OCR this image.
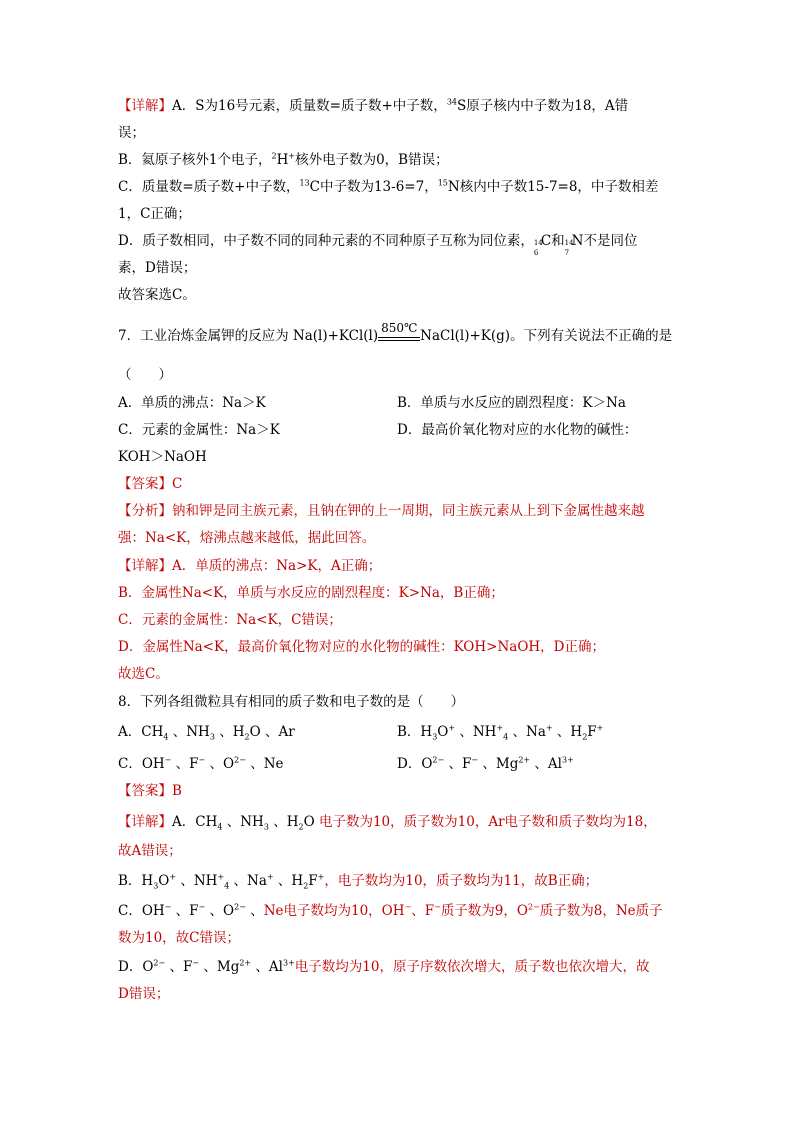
【详解】A．S为16号元素，质量数=质子数+中子数，$^{34}$S原子核内中子数为18，A错
误；
B．氦原子核外1个电子，$^2$H+核外电子数为0，B错误；
C．质量数=质子数+中子数，$^{13}$C中子数为13-6=7，$^{15}$N核内中子数15-7=8，中子数相差
1，C正确；
D．质子数相同，中子数不同的同种元素的不同种原子互称为同位素， 14
6
C和 14
7
N不是同位
素，D错误；
故答案选C。
7．工业冶炼金属钾的反应为 Na(l)+KCl(l)
850℃
NaCl(l)+K(g)。下列有关说法不正确的是
（　　）
A．单质的沸点：Na＞K	B．单质与水反应的剧烈程度：K＞Na
C．元素的金属性：Na＞K	D．最高价氧化物对应的水化物的碱性：
KOH＞NaOH
【答案】C
【分析】钠和钾是同主族元素，且钠在钾的上一周期，同主族元素从上到下金属性越来越
强：Na<K，熔沸点越来越低，据此回答。
【详解】A．单质的沸点：Na>K，A正确；
B．金属性Na<K，单质与水反应的剧烈程度：K>Na，B正确；
C．元素的金属性：Na<K，C错误；
D．金属性Na<K，最高价氧化物对应的水化物的碱性：KOH>NaOH，D正确；
故选C。
8．下列各组微粒具有相同的质子数和电子数的是（　　）
A．$CH_4$ 、$NH_3$ 、$H_2O$ 、Ar	B．$H_3O^+$ 、$NH^+_4$ 、Na+ 、$H_2F^+$
C．OH− 、F− 、$O^{2-}$ 、Ne	D．$O^{2-}$ 、F− 、$Mg^{2+}$ 、$Al^{3+}$
【答案】B
【详解】A．$CH_4$ 、$NH_3$ 、$H_2O$ 电子数为10，质子数为10，Ar电子数和质子数均为18，
故A错误；
B．$H_3O^+$ 、$NH^+_4$ 、Na+ 、$H_2F^+$，电子数均为10，质子数均为11，故B正确；
C．OH− 、F− 、$O^{2-}$ 、Ne电子数均为10，OH−、F−质子数为9，$O^{2-}$质子数为8，Ne质子
数为10，故C错误；
D．$O^{2-}$ 、F− 、$Mg^{2+}$ 、$Al^{3+}$电子数均为10，原子序数依次增大，质子数也依次增大，故
D错误；
